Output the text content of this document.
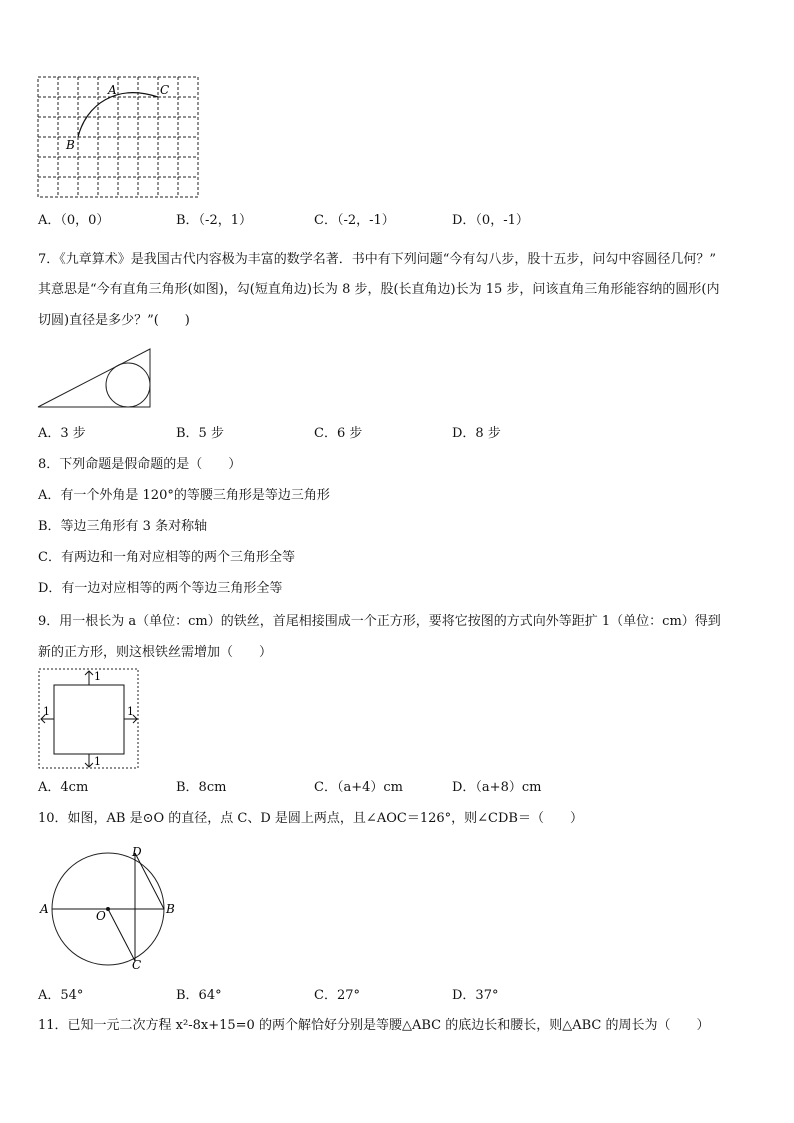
A	C
B
A．（0，0）	B．（-2，1）	C．（-2，-1）	D．（0，-1）
7．《九章算术》是我国古代内容极为丰富的数学名著．书中有下列问题“今有勾八步，股十五步，问勾中容圆径几何？”
其意思是“今有直角三角形(如图)，勾(短直角边)长为 8 步，股(长直角边)长为 15 步，问该直角三角形能容纳的圆形(内
切圆)直径是多少？”(　　)
A．3 步	B．5 步	C．6 步	D．8 步
8．下列命题是假命题的是（　　）
A．有一个外角是 120°的等腰三角形是等边三角形
B．等边三角形有 3 条对称轴
C．有两边和一角对应相等的两个三角形全等
D．有一边对应相等的两个等边三角形全等
9．用一根长为 a（单位：cm）的铁丝，首尾相接围成一个正方形，要将它按图的方式向外等距扩 1（单位：cm）得到
新的正方形，则这根铁丝需增加（　　）
1
1	1
1
A．4cm	B．8cm	C．（a+4）cm	D．（a+8）cm
10．如图，AB 是⊙O 的直径，点 C、D 是圆上两点，且∠AOC＝126°，则∠CDB＝（　　）
A	B
D
C
O
A．54°	B．64°	C．27°	D．37°
11．已知一元二次方程 x²-8x+15=0 的两个解恰好分别是等腰△ABC 的底边长和腰长，则△ABC 的周长为（　　）
